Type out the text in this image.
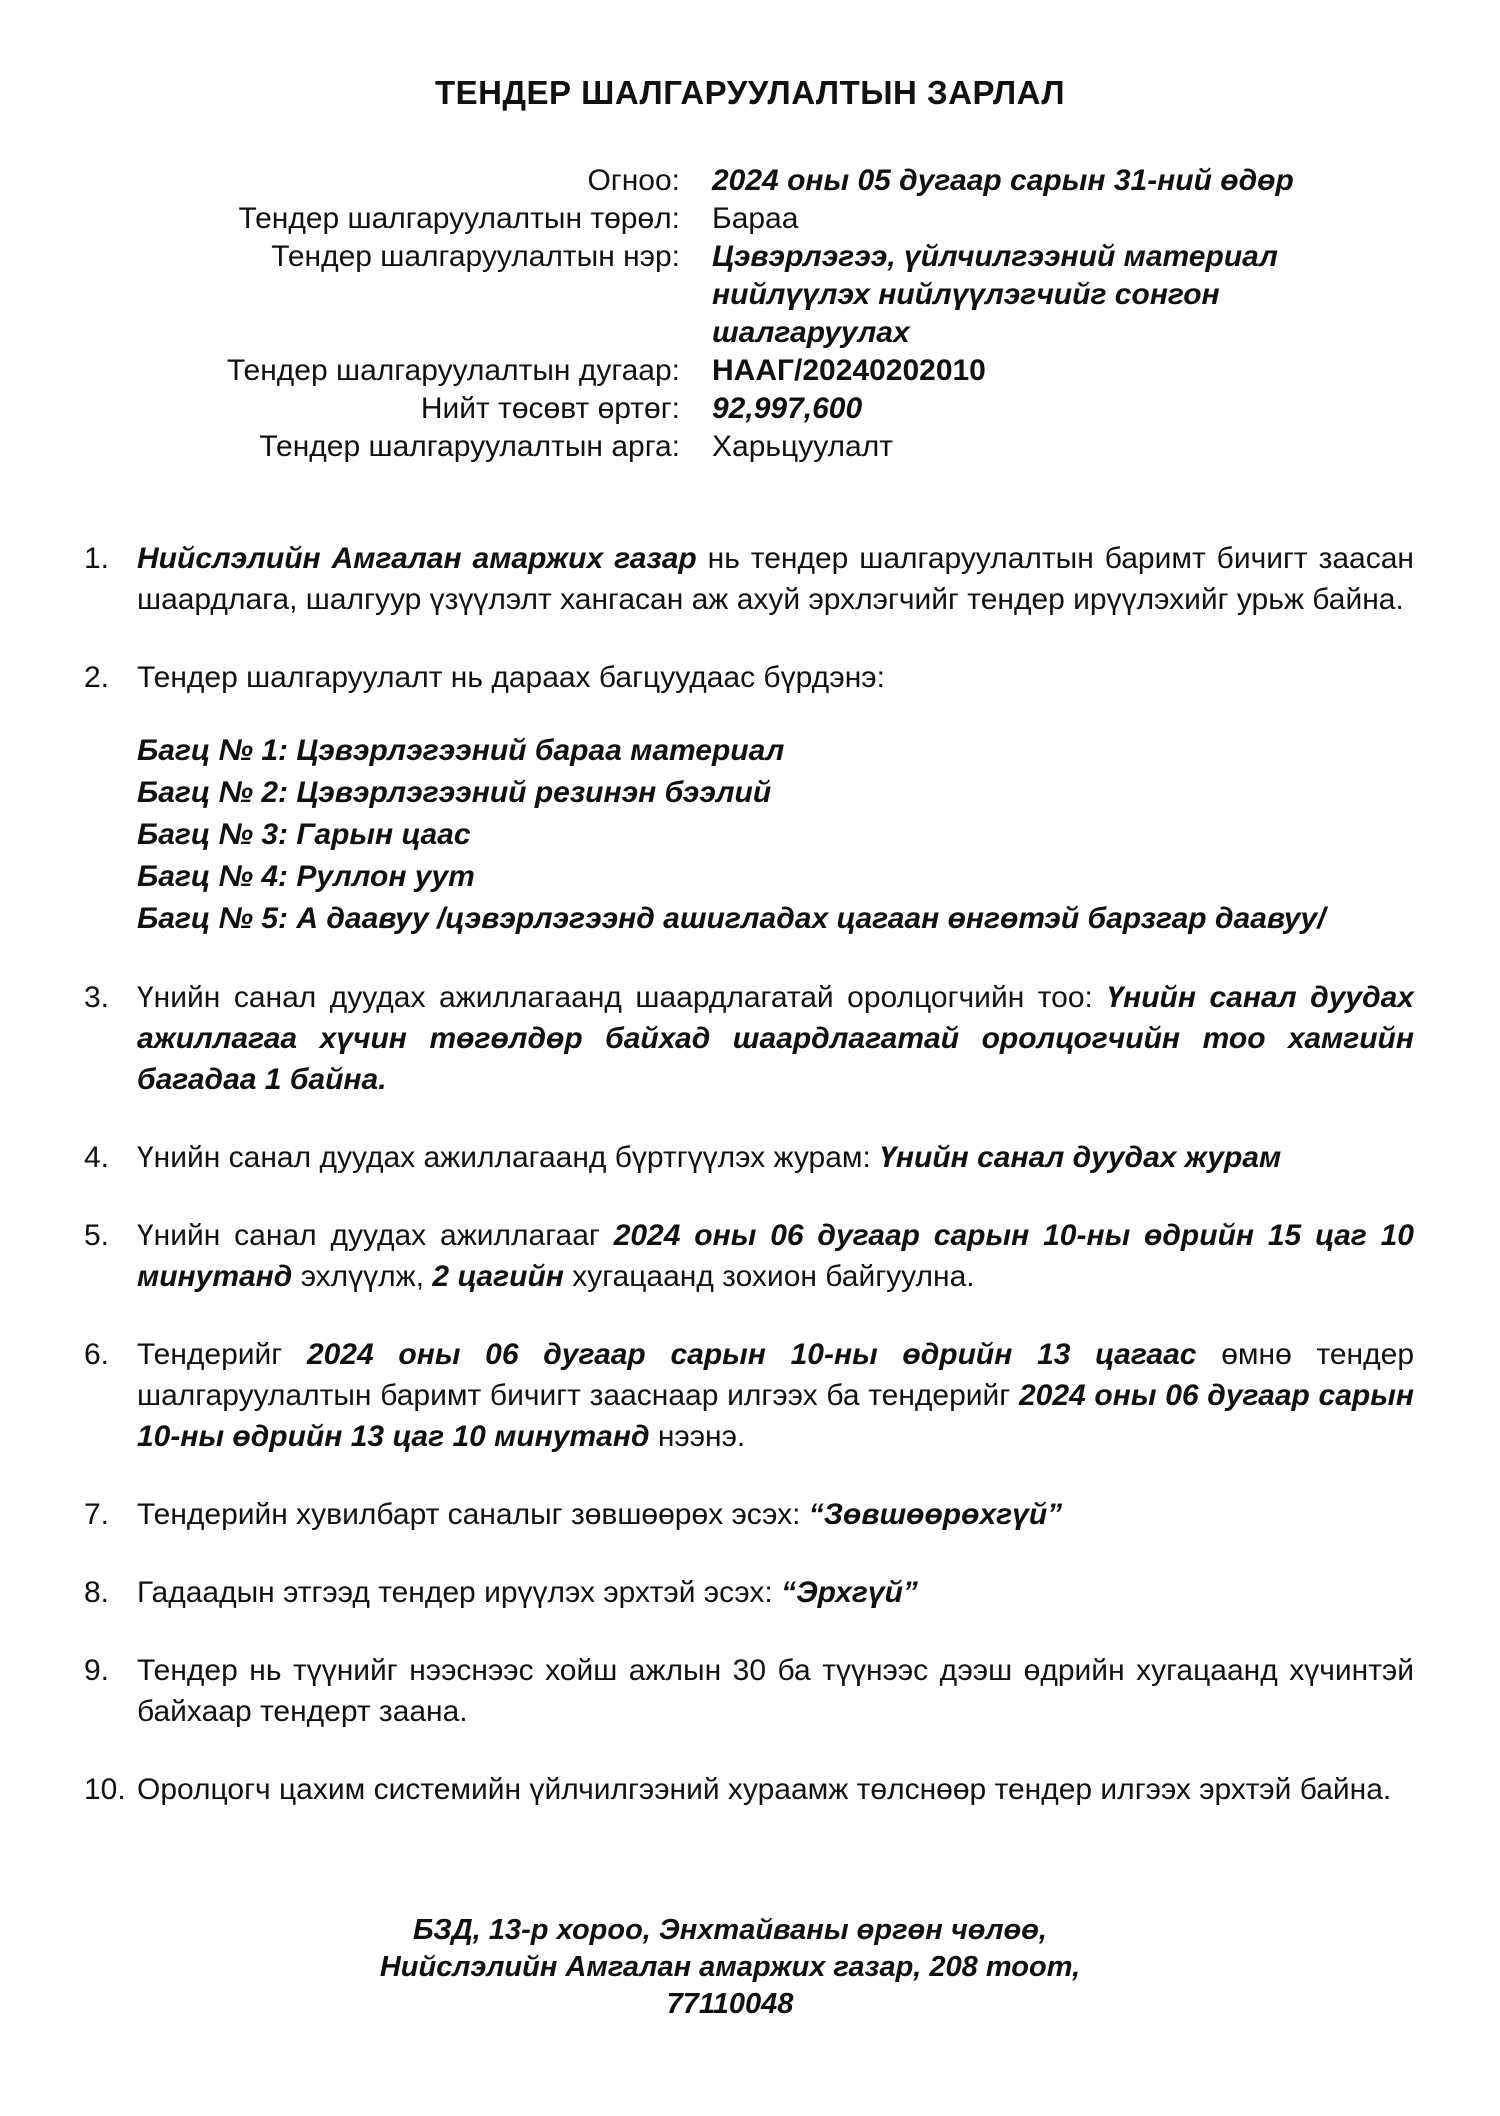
ТЕНДЕР ШАЛГАРУУЛАЛТЫН ЗАРЛАЛ
Огноо:	2024 оны 05 дугаар сарын 31-ний өдөр
Тендер шалгаруулалтын төрөл:	Бараа
Тендер шалгаруулалтын нэр:	Цэвэрлэгээ, үйлчилгээний материал нийлүүлэх нийлүүлэгчийг сонгон шалгаруулах
Тендер шалгаруулалтын дугаар:	НААГ/20240202010
Нийт төсөвт өртөг:	92,997,600
Тендер шалгаруулалтын арга:	Харьцуулалт
1. Нийслэлийн Амгалан амаржих газар нь тендер шалгаруулалтын баримт бичигт заасан шаардлага, шалгуур үзүүлэлт хангасан аж ахуй эрхлэгчийг тендер ирүүлэхийг урьж байна.
2. Тендер шалгаруулалт нь дараах багцуудаас бүрдэнэ:
Багц № 1: Цэвэрлэгээний бараа материал
Багц № 2: Цэвэрлэгээний резинэн бээлий
Багц № 3: Гарын цаас
Багц № 4: Руллон уут
Багц № 5: А даавуу /цэвэрлэгээнд ашигладах цагаан өнгөтэй барзгар даавуу/
3. Үнийн санал дуудах ажиллагаанд шаардлагатай оролцогчийн тоо: Үнийн санал дуудах ажиллагаа хүчин төгөлдөр байхад шаардлагатай оролцогчийн тоо хамгийн багадаа 1 байна.
4. Үнийн санал дуудах ажиллагаанд бүртгүүлэх журам: Үнийн санал дуудах журам
5. Үнийн санал дуудах ажиллагааг 2024 оны 06 дугаар сарын 10-ны өдрийн 15 цаг 10 минутанд эхлүүлж, 2 цагийн хугацаанд зохион байгуулна.
6. Тендерийг 2024 оны 06 дугаар сарын 10-ны өдрийн 13 цагаас өмнө тендер шалгаруулалтын баримт бичигт зааснаар илгээх ба тендерийг 2024 оны 06 дугаар сарын 10-ны өдрийн 13 цаг 10 минутанд нээнэ.
7. Тендерийн хувилбарт саналыг зөвшөөрөх эсэх: “Зөвшөөрөхгүй”
8. Гадаадын этгээд тендер ирүүлэх эрхтэй эсэх: “Эрхгүй”
9. Тендер нь түүнийг нээснээс хойш ажлын 30 ба түүнээс дээш өдрийн хугацаанд хүчинтэй байхаар тендерт заана.
10. Оролцогч цахим системийн үйлчилгээний хураамж төлснөөр тендер илгээх эрхтэй байна.
БЗД, 13-р хороо, Энхтайваны өргөн чөлөө,
Нийслэлийн Амгалан амаржих газар, 208 тоот,
77110048
